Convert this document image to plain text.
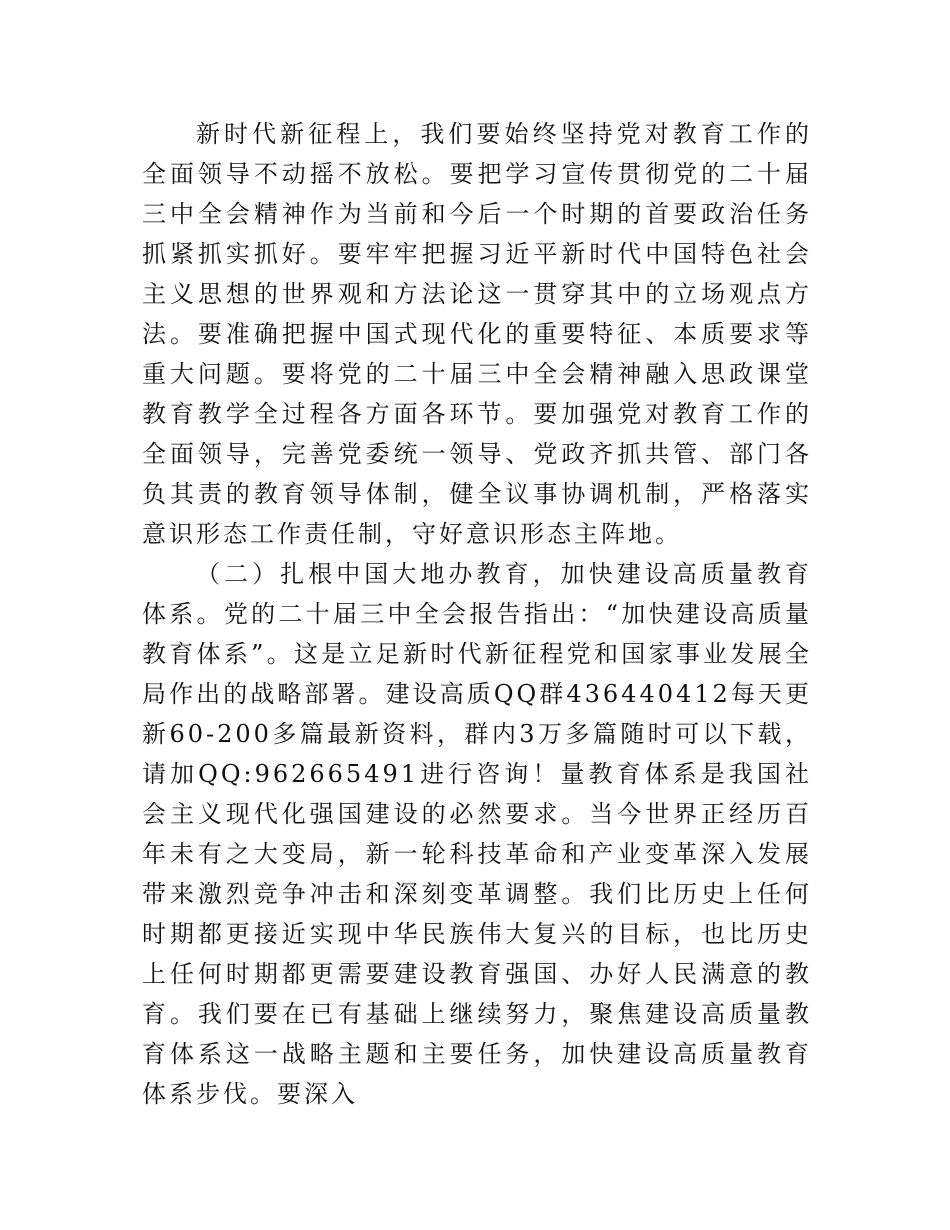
新时代新征程上，我们要始终坚持党对教育工作的全面领导不动摇不放松。要把学习宣传贯彻党的二十届三中全会精神作为当前和今后一个时期的首要政治任务抓紧抓实抓好。要牢牢把握习近平新时代中国特色社会主义思想的世界观和方法论这一贯穿其中的立场观点方法。要准确把握中国式现代化的重要特征、本质要求等重大问题。要将党的二十届三中全会精神融入思政课堂教育教学全过程各方面各环节。要加强党对教育工作的全面领导，完善党委统一领导、党政齐抓共管、部门各负其责的教育领导体制，健全议事协调机制，严格落实意识形态工作责任制，守好意识形态主阵地。

（二）扎根中国大地办教育，加快建设高质量教育体系。党的二十届三中全会报告指出：“加快建设高质量教育体系”。这是立足新时代新征程党和国家事业发展全局作出的战略部署。建设高质QQ群436440412每天更新60-200多篇最新资料，群内3万多篇随时可以下载，请加QQ:962665491进行咨询！量教育体系是我国社会主义现代化强国建设的必然要求。当今世界正经历百年未有之大变局，新一轮科技革命和产业变革深入发展带来激烈竞争冲击和深刻变革调整。我们比历史上任何时期都更接近实现中华民族伟大复兴的目标，也比历史上任何时期都更需要建设教育强国、办好人民满意的教育。我们要在已有基础上继续努力，聚焦建设高质量教育体系这一战略主题和主要任务，加快建设高质量教育体系步伐。要深入
